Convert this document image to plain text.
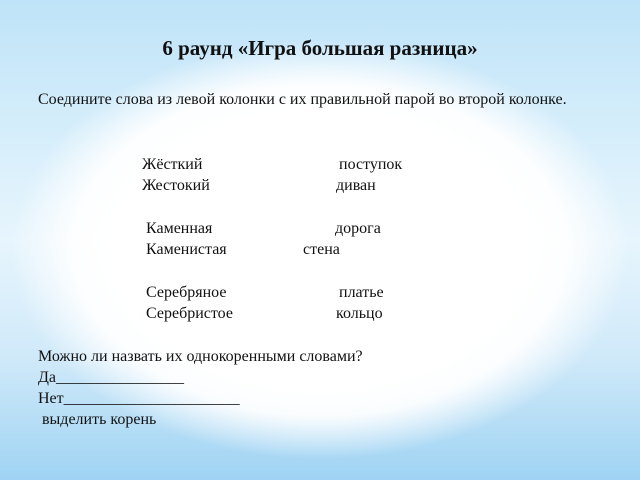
6 раунд «Игра большая разница»
Соедините слова из левой колонки с их правильной парой во второй колонке.
Жёсткий	поступок
Жестокий	диван
Каменная	дорога
Каменистая	стена
Серебряное	платье
Серебристое	кольцо
Можно ли назвать их однокоренными словами?
Да________________
Нет______________________
выделить корень
